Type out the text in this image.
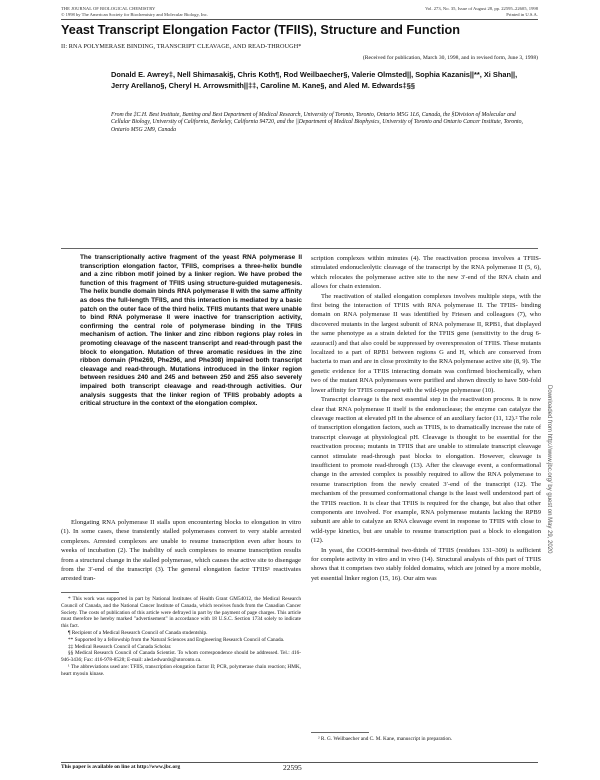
THE JOURNAL OF BIOLOGICAL CHEMISTRY
© 1998 by The American Society for Biochemistry and Molecular Biology, Inc.
Vol. 273, No. 35, Issue of August 28, pp. 22595–22605, 1998
Printed in U.S.A.
Yeast Transcript Elongation Factor (TFIIS), Structure and Function
II: RNA POLYMERASE BINDING, TRANSCRIPT CLEAVAGE, AND READ-THROUGH*
(Received for publication, March 30, 1998, and in revised form, June 3, 1998)
Donald E. Awrey‡, Nell Shimasaki§, Chris Koth¶, Rod Weilbaecher§, Valerie Olmsted||, Sophia Kazanis||**, Xi Shan||, Jerry Arellano§, Cheryl H. Arrowsmith||‡‡, Caroline M. Kane§, and Aled M. Edwards‡§§
From the ‡C.H. Best Institute, Banting and Best Department of Medical Research, University of Toronto, Toronto, Ontario M5G 1L6, Canada, the §Division of Molecular and Cellular Biology, University of California, Berkeley, California 94720, and the ||Department of Medical Biophysics, University of Toronto and Ontario Cancer Institute, Toronto, Ontario M5G 2M9, Canada
The transcriptionally active fragment of the yeast RNA polymerase II transcription elongation factor, TFIIS, comprises a three-helix bundle and a zinc ribbon motif joined by a linker region. We have probed the function of this fragment of TFIIS using structure-guided mutagenesis. The helix bundle domain binds RNA polymerase II with the same affinity as does the full-length TFIIS, and this interaction is mediated by a basic patch on the outer face of the third helix. TFIIS mutants that were unable to bind RNA polymerase II were inactive for transcription activity, confirming the central role of polymerase binding in the TFIIS mechanism of action. The linker and zinc ribbon regions play roles in promoting cleavage of the nascent transcript and read-through past the block to elongation. Mutation of three aromatic residues in the zinc ribbon domain (Phe269, Phe296, and Phe308) impaired both transcript cleavage and read-through. Mutations introduced in the linker region between residues 240 and 245 and between 250 and 255 also severely impaired both transcript cleavage and read-through activities. Our analysis suggests that the linker region of TFIIS probably adopts a critical structure in the context of the elongation complex.
Elongating RNA polymerase II stalls upon encountering blocks to elongation in vitro (1). In some cases, these transiently stalled polymerases convert to very stable arrested complexes. Arrested complexes are unable to resume transcription even after hours to weeks of incubation (2). The inability of such complexes to resume transcription results from a structural change in the stalled polymerase, which causes the active site to disengage from the 3′-end of the transcript (3). The general elongation factor TFIIS¹ reactivates arrested tran-

* This work was supported in part by National Institutes of Health Grant GM54012, the Medical Research Council of Canada, and the National Cancer Institute of Canada, which receives funds from the Canadian Cancer Society. The costs of publication of this article were defrayed in part by the payment of page charges. This article must therefore be hereby marked "advertisement" in accordance with 18 U.S.C. Section 1734 solely to indicate this fact.

¶ Recipient of a Medical Research Council of Canada studentship.

** Supported by a fellowship from the Natural Sciences and Engineering Research Council of Canada.

‡‡ Medical Research Council of Canada Scholar.

§§ Medical Research Council of Canada Scientist. To whom correspondence should be addressed. Tel.: 416-946-3436; Fax: 416-978-8528; E-mail: aled.edwards@utoronto.ca.

¹ The abbreviations used are: TFIIS, transcription elongation factor II; PCR, polymerase chain reaction; HMK, heart myosin kinase.

scription complexes within minutes (4). The reactivation process involves a TFIIS-stimulated endonucleolytic cleavage of the transcript by the RNA polymerase II (5, 6), which relocates the polymerase active site to the new 3′-end of the RNA chain and allows for chain extension.

The reactivation of stalled elongation complexes involves multiple steps, with the first being the interaction of TFIIS with RNA polymerase II. The TFIIS- binding domain on RNA polymerase II was identified by Friesen and colleagues (7), who discovered mutants in the largest subunit of RNA polymerase II, RPB1, that displayed the same phenotype as a strain deleted for the TFIIS gene (sensitivity to the drug 6-azauracil) and that also could be suppressed by overexpression of TFIIS. These mutants localized to a part of RPB1 between regions G and H, which are conserved from bacteria to man and are in close proximity to the RNA polymerase active site (8, 9). The genetic evidence for a TFIIS interacting domain was confirmed biochemically, when two of the mutant RNA polymerases were purified and shown directly to have 500-fold lower affinity for TFIIS compared with the wild-type polymerase (10).

Transcript cleavage is the next essential step in the reactivation process. It is now clear that RNA polymerase II itself is the endonuclease; the enzyme can catalyze the cleavage reaction at elevated pH in the absence of an auxiliary factor (11, 12).² The role of transcription elongation factors, such as TFIIS, is to dramatically increase the rate of transcript cleavage at physiological pH. Cleavage is thought to be essential for the reactivation process; mutants in TFIIS that are unable to stimulate transcript cleavage cannot stimulate read-through past blocks to elongation. However, cleavage is insufficient to promote read-through (13). After the cleavage event, a conformational change in the arrested complex is possibly required to allow the RNA polymerase to resume transcription from the newly created 3′-end of the transcript (12). The mechanism of the presumed conformational change is the least well understood part of the TFIIS reaction. It is clear that TFIIS is required for the change, but also that other components are involved. For example, RNA polymerase mutants lacking the RPB9 subunit are able to catalyze an RNA cleavage event in response to TFIIS with close to wild-type kinetics, but are unable to resume transcription past a block to elongation (12).

In yeast, the COOH-terminal two-thirds of TFIIS (residues 131–309) is sufficient for complete activity in vitro and in vivo (14). Structural analysis of this part of TFIIS shows that it comprises two stably folded domains, which are joined by a more mobile, yet essential linker region (15, 16). Our aim was

² R. G. Weilbaecher and C. M. Kane, manuscript in preparation.
This paper is available on line at http://www.jbc.org	22595
Downloaded from http://www.jbc.org/ by guest on May 29, 2020
